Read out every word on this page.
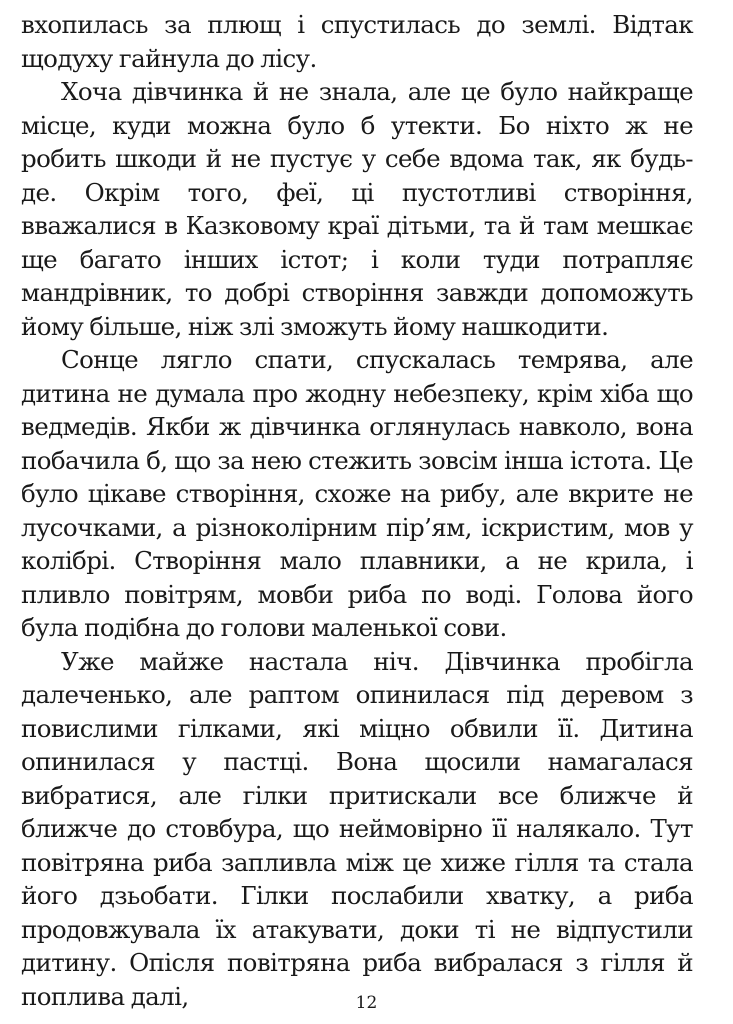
вхопилась за плющ і спустилась до землі. Відтак щодуху гайнула до лісу.

Хоча дівчинка й не знала, але це було найкраще місце, куди можна було б утекти. Бо ніхто ж не робить шкоди й не пустує у себе вдома так, як будь-де. Окрім того, феї, ці пустотливі створіння, вважалися в Казковому краї дітьми, та й там мешкає ще багато інших істот; і коли туди потрапляє мандрівник, то добрі створіння завжди допоможуть йому більше, ніж злі зможуть йому нашкодити.

Сонце лягло спати, спускалась темрява, але дитина не думала про жодну небезпеку, крім хіба що ведмедів. Якби ж дівчинка оглянулась навколо, вона побачила б, що за нею стежить зовсім інша істота. Це було цікаве створіння, схоже на рибу, але вкрите не лусочками, а різноколірним пір’ям, іскристим, мов у колібрі. Створіння мало плавники, а не крила, і пливло повітрям, мовби риба по воді. Голова його була подібна до голови маленької сови.

Уже майже настала ніч. Дівчинка пробігла далеченько, але раптом опинилася під деревом з повислими гілками, які міцно обвили її. Дитина опинилася у пастці. Вона щосили намагалася вибратися, але гілки притискали все ближче й ближче до стовбура, що неймовірно її налякало. Тут повітряна риба запливла між це хиже гілля та стала його дзьобати. Гілки послабили хватку, а риба продовжувала їх атакувати, доки ті не відпустили дитину. Опісля повітряна риба вибралася з гілля й поплива далі,	12
